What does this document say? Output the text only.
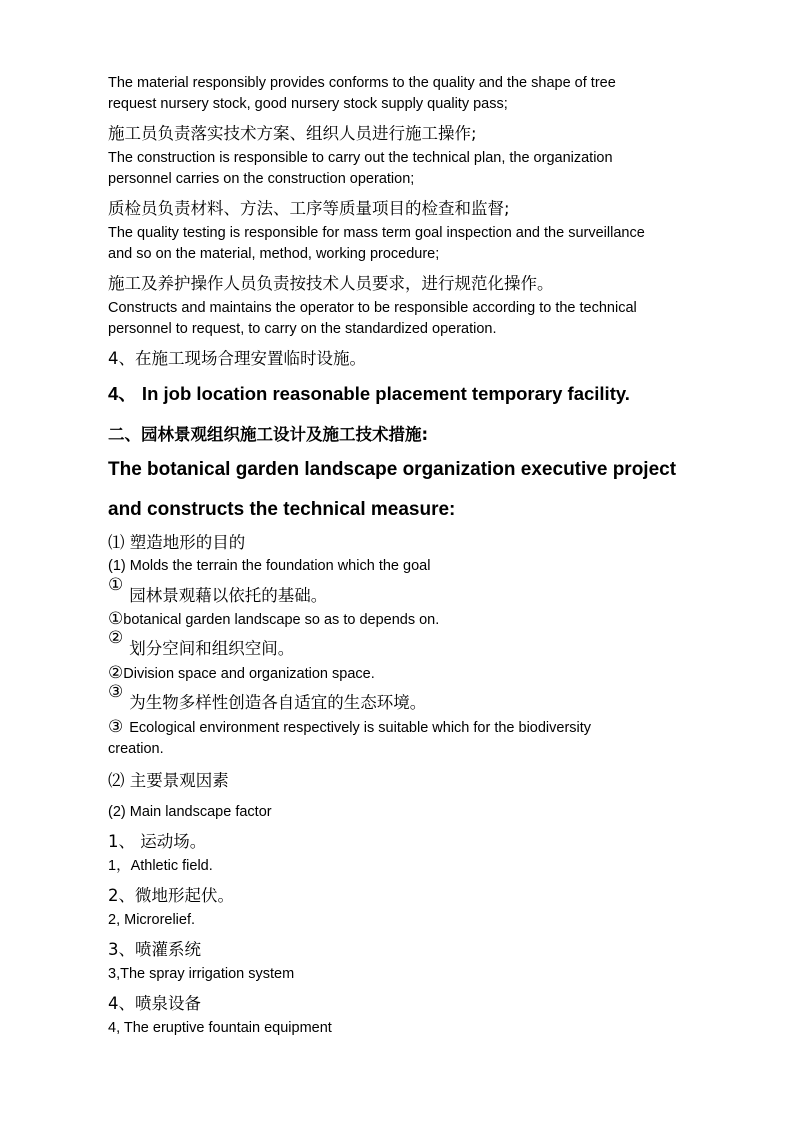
The material responsibly provides conforms to the quality and the shape of tree

request nursery stock, good nursery stock supply quality pass;

施工员负责落实技术方案、组织人员进行施工操作;

The construction is responsible to carry out the technical plan, the organization

personnel carries on the construction operation;

质检员负责材料、方法、工序等质量项目的检查和监督;

The quality testing is responsible for mass term goal inspection and the surveillance

and so on the material, method, working procedure;

施工及养护操作人员负责按技术人员要求，进行规范化操作。

Constructs and maintains the operator to be responsible according to the technical

personnel to request, to carry on the standardized operation.

4、在施工现场合理安置临时设施。

4、 In job location reasonable placement temporary facility.

二、园林景观组织施工设计及施工技术措施:

The botanical garden landscape organization executive project

and constructs the technical measure:

⑴ 塑造地形的目的

(1) Molds the terrain the foundation which the goal

①园林景观藉以依托的基础。
①botanical garden landscape so as to depends on.
②划分空间和组织空间。
②Division space and organization space.
③为生物多样性创造各自适宜的生态环境。
③ Ecological environment respectively is suitable which for the biodiversity

creation.

⑵ 主要景观因素

(2) Main landscape factor

1、 运动场。

1，Athletic field.

2、微地形起伏。

2, Microrelief.

3、喷灌系统

3,The spray irrigation system

4、喷泉设备

4, The eruptive fountain equipment
